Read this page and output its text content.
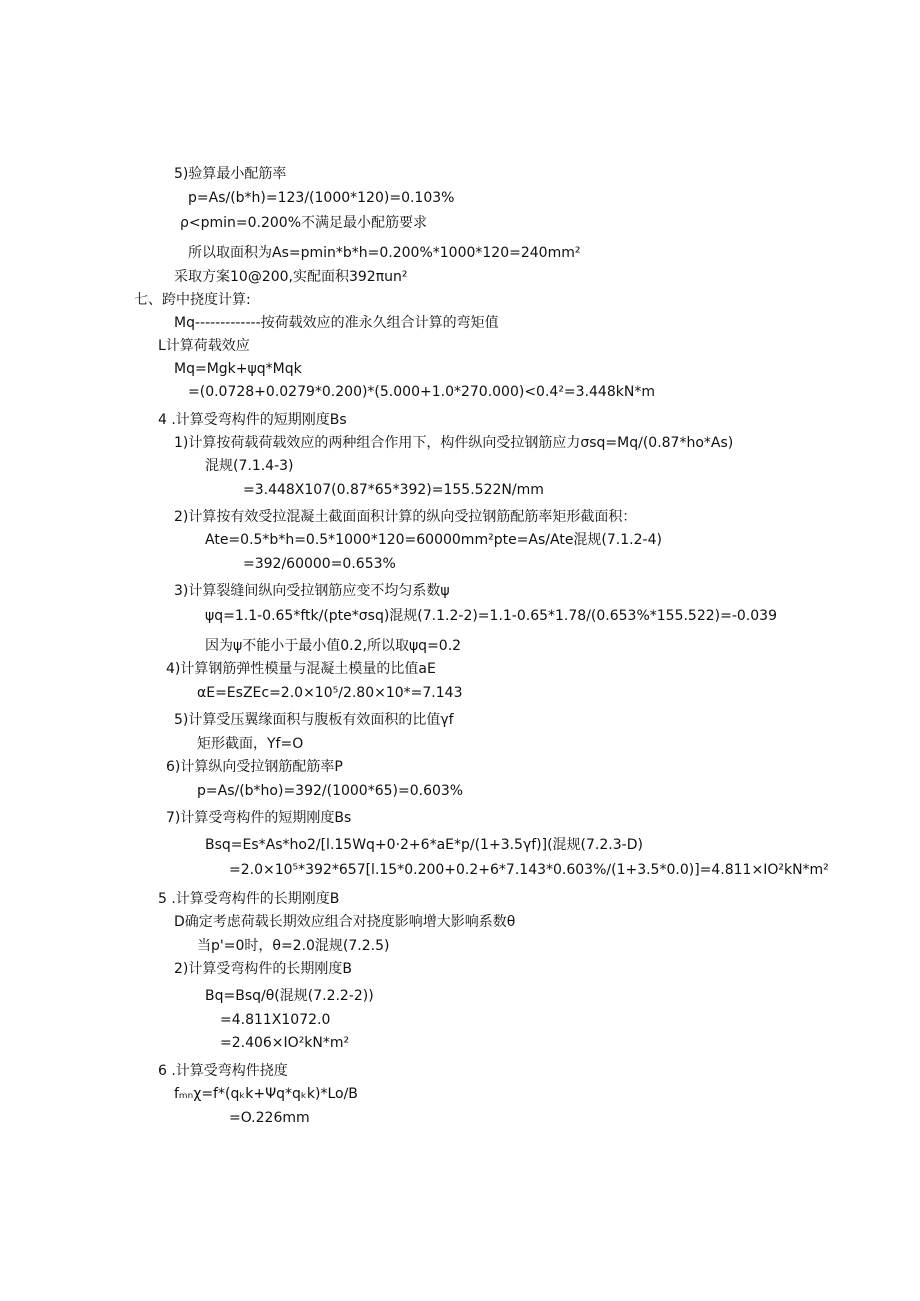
5)验算最小配筋率
p=As∕(b*h)=123/(1000*120)=0.103%
ρ<pmin=0.200%不满足最小配筋要求
所以取面积为As=pmin*b*h=0.200%*1000*120=240mm²
采取方案10@200,实配面积392πun²
七、跨中挠度计算:
Mq-------------按荷载效应的准永久组合计算的弯矩值
L计算荷载效应
Mq=Mgk+ψq*Mqk
=(0.0728+0.0279*0.200)*(5.000+1.0*270.000)<0.4²=3.448kN*m
4 .计算受弯构件的短期刚度Bs
1)计算按荷载荷载效应的两种组合作用下，构件纵向受拉钢筋应力σsq=Mq∕(0.87*ho*As)
混规(7.1.4-3)
=3.448X107(0.87*65*392)=155.522N/mm
2)计算按有效受拉混凝土截面面积计算的纵向受拉钢筋配筋率矩形截面积：
Ate=0.5*b*h=0.5*1000*120=60000mm²pte=As∕Ate混规(7.1.2-4)
=392/60000=0.653%
3)计算裂缝间纵向受拉钢筋应变不均匀系数ψ
ψq=1.1-0.65*ftk∕(pte*σsq)混规(7.1.2-2)=1.1-0.65*1.78/(0.653%*155.522)=-0.039
因为ψ不能小于最小值0.2,所以取ψq=0.2
4)计算钢筋弹性模量与混凝土模量的比值aE
αE=EsZEc=2.0×10⁵∕2.80×10*=7.143
5)计算受压翼缘面积与腹板有效面积的比值γf
矩形截面，Yf=O
6)计算纵向受拉钢筋配筋率P
p=As∕(b*ho)=392/(1000*65)=0.603%
7)计算受弯构件的短期刚度Bs
Bsq=Es*As*ho2∕[l.15Wq+0·2+6*aE*p∕(1+3.5γf)](混规(7.2.3-D)
=2.0×10⁵*392*657[l.15*0.200+0.2+6*7.143*0.603%∕(1+3.5*0.0)]=4.811×IO²kN*m²
5 .计算受弯构件的长期刚度B
D确定考虑荷载长期效应组合对挠度影响增大影响系数θ
当p'=0时，θ=2.0混规(7.2.5)
2)计算受弯构件的长期刚度B
Bq=Bsq∕θ(混规(7.2.2-2))
=4.811X1072.0
=2.406×IO²kN*m²
6 .计算受弯构件挠度
fₘₙχ=f*(qₖk+Ψq*qₖk)*Lo∕B
=O.226mm
